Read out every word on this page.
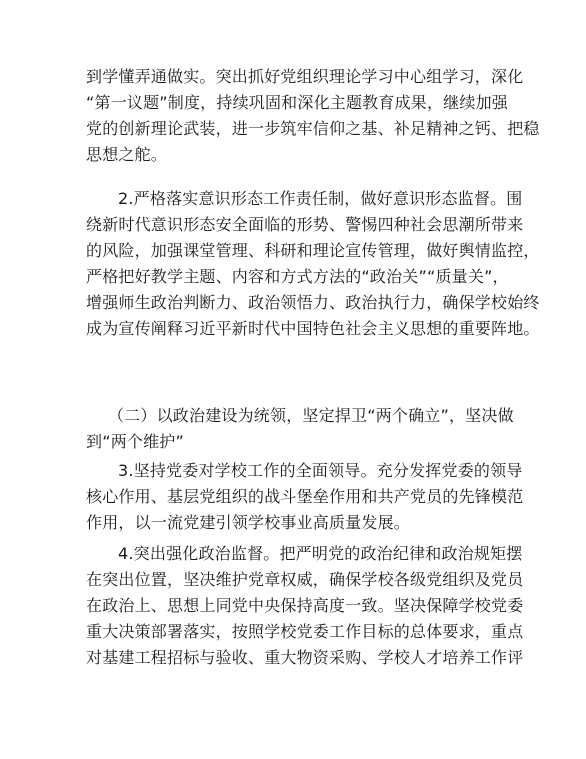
到学懂弄通做实。突出抓好党组织理论学习中心组学习，深化
“第一议题”制度，持续巩固和深化主题教育成果，继续加强
党的创新理论武装，进一步筑牢信仰之基、补足精神之钙、把稳
思想之舵。

2.严格落实意识形态工作责任制，做好意识形态监督。围
绕新时代意识形态安全面临的形势、警惕四种社会思潮所带来
的风险，加强课堂管理、科研和理论宣传管理，做好舆情监控，
严格把好教学主题、内容和方式方法的“政治关”“质量关”，
增强师生政治判断力、政治领悟力、政治执行力，确保学校始终
成为宣传阐释习近平新时代中国特色社会主义思想的重要阵地。

（二）以政治建设为统领，坚定捍卫“两个确立”，坚决做
到“两个维护”

3.坚持党委对学校工作的全面领导。充分发挥党委的领导
核心作用、基层党组织的战斗堡垒作用和共产党员的先锋模范
作用，以一流党建引领学校事业高质量发展。

4.突出强化政治监督。把严明党的政治纪律和政治规矩摆
在突出位置，坚决维护党章权威，确保学校各级党组织及党员
在政治上、思想上同党中央保持高度一致。坚决保障学校党委
重大决策部署落实，按照学校党委工作目标的总体要求，重点
对基建工程招标与验收、重大物资采购、学校人才培养工作评
